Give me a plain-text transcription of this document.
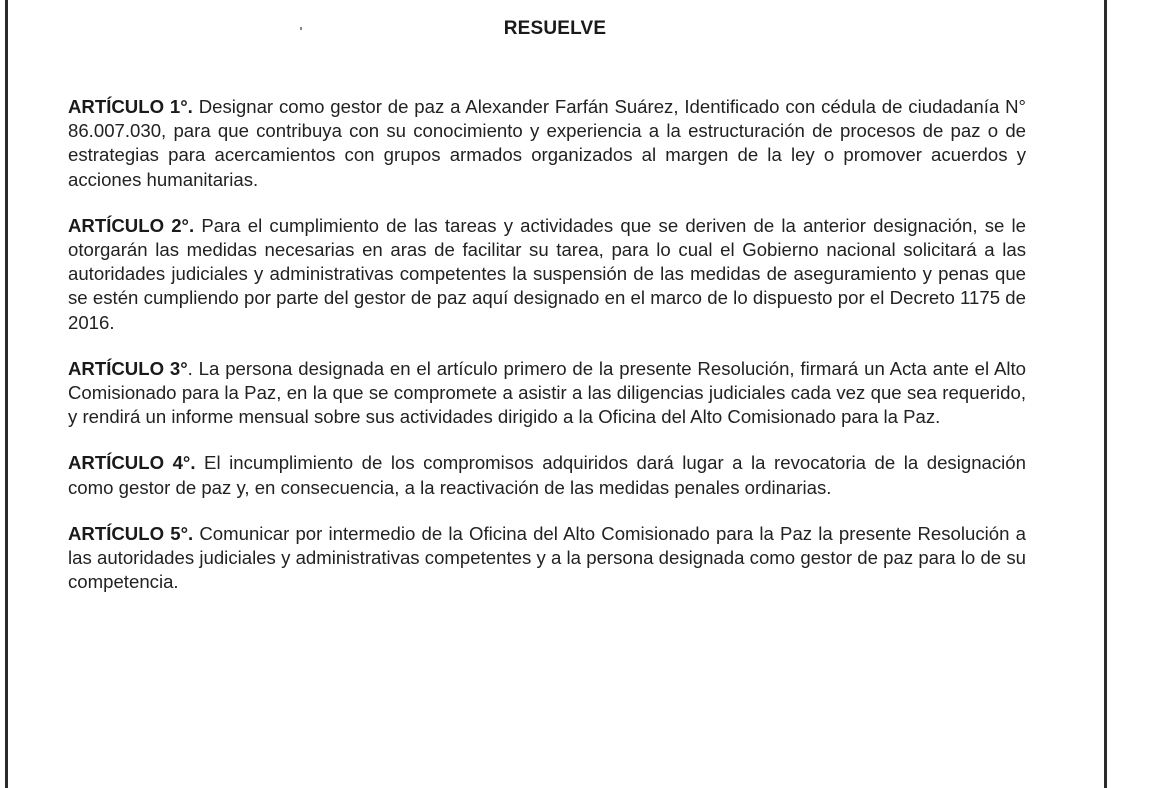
RESUELVE

ARTÍCULO 1°. Designar como gestor de paz a Alexander Farfán Suárez, Identificado con cédula de ciudadanía N° 86.007.030, para que contribuya con su conocimiento y experiencia a la estructuración de procesos de paz o de estrategias para acercamientos con grupos armados organizados al margen de la ley o promover acuerdos y acciones humanitarias.

ARTÍCULO 2°. Para el cumplimiento de las tareas y actividades que se deriven de la anterior designación, se le otorgarán las medidas necesarias en aras de facilitar su tarea, para lo cual el Gobierno nacional solicitará a las autoridades judiciales y administrativas competentes la suspensión de las medidas de aseguramiento y penas que se estén cumpliendo por parte del gestor de paz aquí designado en el marco de lo dispuesto por el Decreto 1175 de 2016.

ARTÍCULO 3°. La persona designada en el artículo primero de la presente Resolución, firmará un Acta ante el Alto Comisionado para la Paz, en la que se compromete a asistir a las diligencias judiciales cada vez que sea requerido, y rendirá un informe mensual sobre sus actividades dirigido a la Oficina del Alto Comisionado para la Paz.

ARTÍCULO 4°. El incumplimiento de los compromisos adquiridos dará lugar a la revocatoria de la designación como gestor de paz y, en consecuencia, a la reactivación de las medidas penales ordinarias.

ARTÍCULO 5°. Comunicar por intermedio de la Oficina del Alto Comisionado para la Paz la presente Resolución a las autoridades judiciales y administrativas competentes y a la persona designada como gestor de paz para lo de su competencia.
